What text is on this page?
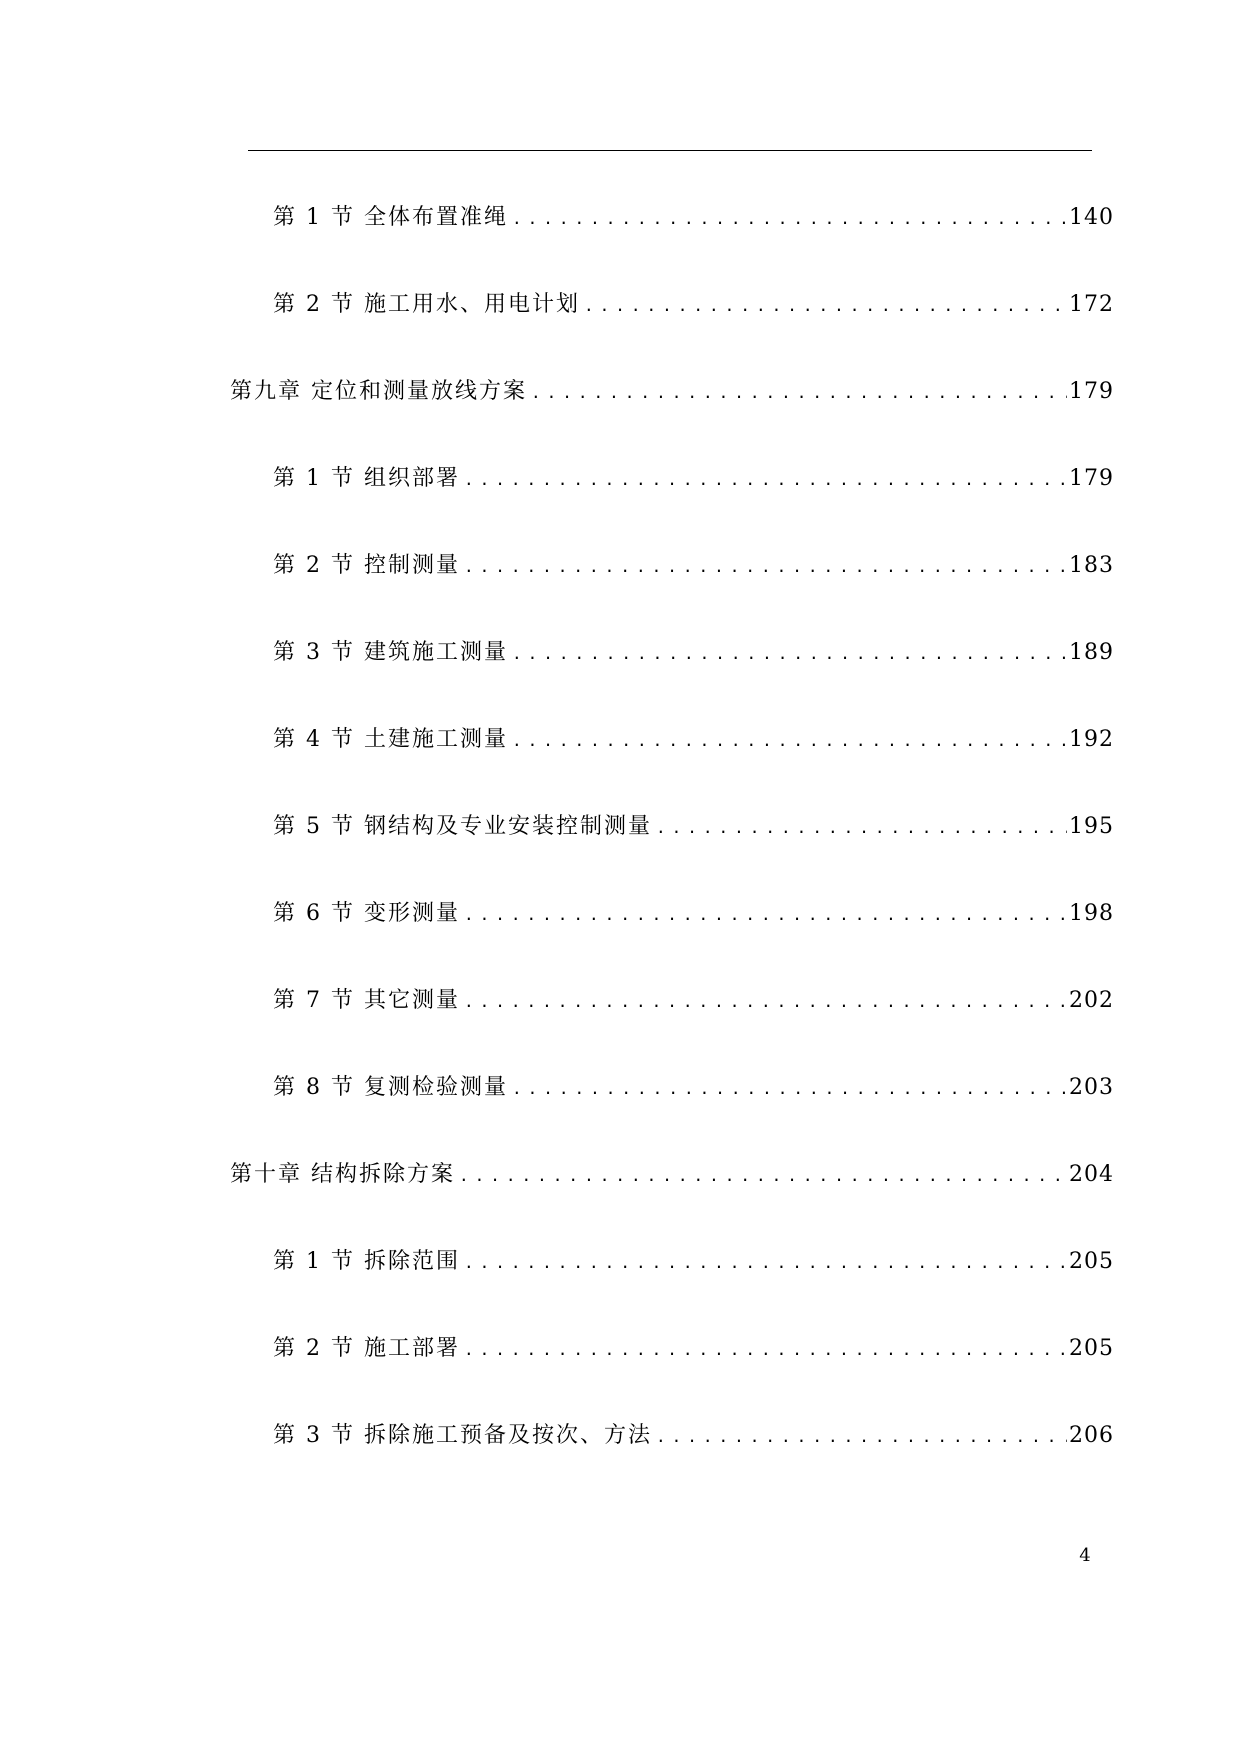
第 1 节 全体布置准绳 .....	140
第 2 节 施工用水、用电计划 .....	172
第九章 定位和测量放线方案 .....	179
第 1 节 组织部署 .....	179
第 2 节 控制测量 .....	183
第 3 节 建筑施工测量 .....	189
第 4 节 土建施工测量 .....	192
第 5 节 钢结构及专业安装控制测量 .....	195
第 6 节 变形测量 .....	198
第 7 节 其它测量 .....	202
第 8 节 复测检验测量 .....	203
第十章 结构拆除方案 .....	204
第 1 节 拆除范围 .....	205
第 2 节 施工部署 .....	205
第 3 节 拆除施工预备及按次、方法 .....	206
4
